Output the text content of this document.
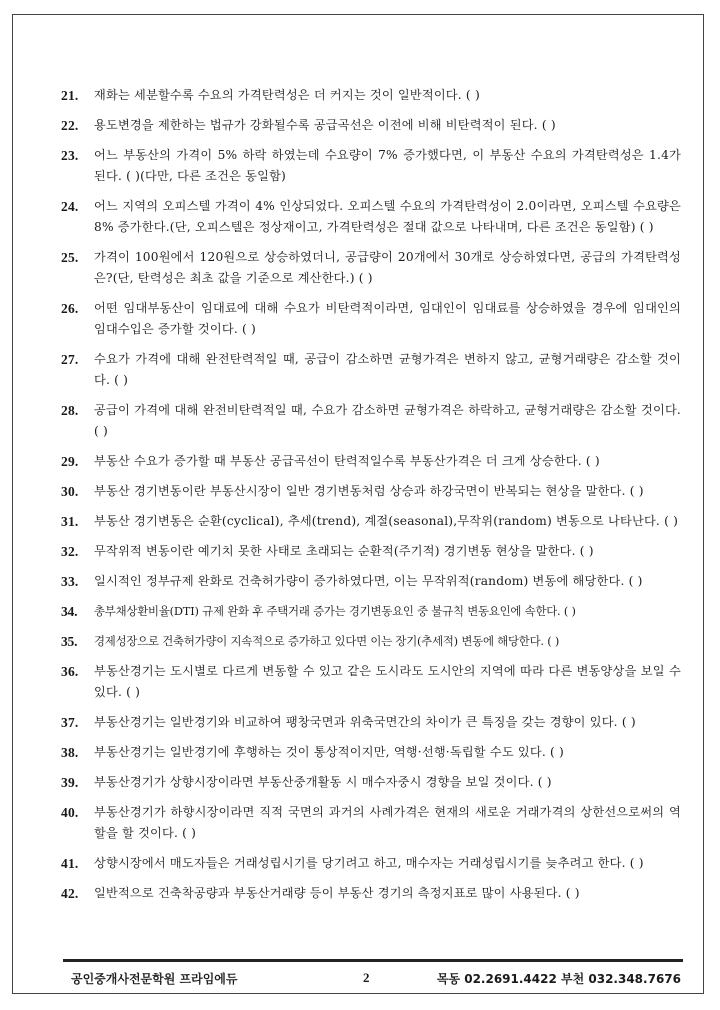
21. 재화는 세분할수록 수요의 가격탄력성은 더 커지는 것이 일반적이다. ( )
22. 용도변경을 제한하는 법규가 강화될수록 공급곡선은 이전에 비해 비탄력적이 된다. ( )
23. 어느 부동산의 가격이 5% 하락 하였는데 수요량이 7% 증가했다면, 이 부동산 수요의 가격탄력성은 1.4가 된다. ( )(다만, 다른 조건은 동일함)
24. 어느 지역의 오피스텔 가격이 4% 인상되었다. 오피스텔 수요의 가격탄력성이 2.0이라면, 오피스텔 수요량은 8% 증가한다.(단, 오피스텔은 정상재이고, 가격탄력성은 절대 값으로 나타내며, 다른 조건은 동일함) ( )
25. 가격이 100원에서 120원으로 상승하였더니, 공급량이 20개에서 30개로 상승하였다면, 공급의 가격탄력성은?(단, 탄력성은 최초 값을 기준으로 계산한다.) ( )
26. 어떤 임대부동산이 임대료에 대해 수요가 비탄력적이라면, 임대인이 임대료를 상승하였을 경우에 임대인의 임대수입은 증가할 것이다. ( )
27. 수요가 가격에 대해 완전탄력적일 때, 공급이 감소하면 균형가격은 변하지 않고, 균형거래량은 감소할 것이다. ( )
28. 공급이 가격에 대해 완전비탄력적일 때, 수요가 감소하면 균형가격은 하락하고, 균형거래량은 감소할 것이다. ( )
29. 부동산 수요가 증가할 때 부동산 공급곡선이 탄력적일수록 부동산가격은 더 크게 상승한다. ( )
30. 부동산 경기변동이란 부동산시장이 일반 경기변동처럼 상승과 하강국면이 반복되는 현상을 말한다. ( )
31. 부동산 경기변동은 순환(cyclical), 추세(trend), 계절(seasonal),무작위(random) 변동으로 나타난다. ( )
32. 무작위적 변동이란 예기치 못한 사태로 초래되는 순환적(주기적) 경기변동 현상을 말한다. ( )
33. 일시적인 정부규제 완화로 건축허가량이 증가하였다면, 이는 무작위적(random) 변동에 해당한다. ( )
34. 총부채상환비율(DTI) 규제 완화 후 주택거래 증가는 경기변동요인 중 불규칙 변동요인에 속한다. ( )
35. 경제성장으로 건축허가량이 지속적으로 증가하고 있다면 이는 장기(추세적) 변동에 해당한다. ( )
36. 부동산경기는 도시별로 다르게 변동할 수 있고 같은 도시라도 도시안의 지역에 따라 다른 변동양상을 보일 수 있다. ( )
37. 부동산경기는 일반경기와 비교하여 팽창국면과 위축국면간의 차이가 큰 특징을 갖는 경향이 있다. ( )
38. 부동산경기는 일반경기에 후행하는 것이 통상적이지만, 역행·선행·독립할 수도 있다. ( )
39. 부동산경기가 상향시장이라면 부동산중개활동 시 매수자중시 경향을 보일 것이다. ( )
40. 부동산경기가 하향시장이라면 직적 국면의 과거의 사례가격은 현재의 새로운 거래가격의 상한선으로써의 역할을 할 것이다. ( )
41. 상향시장에서 매도자들은 거래성립시기를 당기려고 하고, 매수자는 거래성립시기를 늦추려고 한다. ( )
42. 일반적으로 건축착공량과 부동산거래량 등이 부동산 경기의 측정지표로 많이 사용된다. ( )
공인중개사전문학원 프라임에듀	2	목동 02.2691.4422 부천 032.348.7676
